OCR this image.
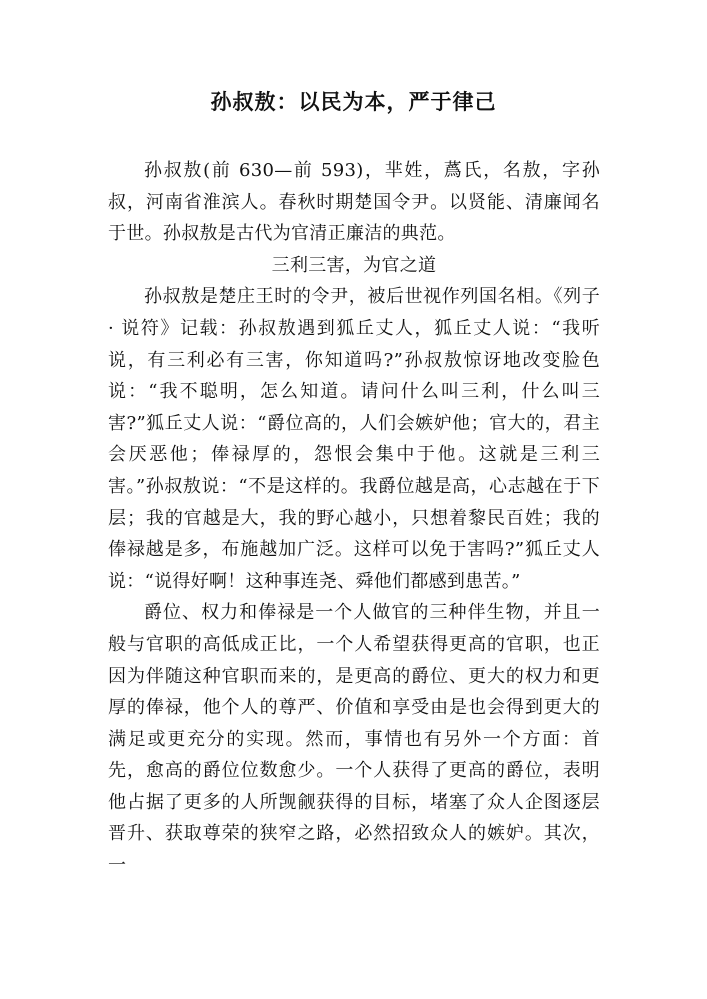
孙叔敖：以民为本，严于律己

孙叔敖(前 630—前 593)，芈姓，蔿氏，名敖，字孙叔，河南省淮滨人。春秋时期楚国令尹。以贤能、清廉闻名于世。孙叔敖是古代为官清正廉洁的典范。

三利三害，为官之道

孙叔敖是楚庄王时的令尹，被后世视作列国名相。《列子 · 说符》记载：孙叔敖遇到狐丘丈人，狐丘丈人说：“我听说，有三利必有三害，你知道吗?”孙叔敖惊讶地改变脸色说：“我不聪明，怎么知道。请问什么叫三利，什么叫三害?”狐丘丈人说：“爵位高的，人们会嫉妒他；官大的，君主会厌恶他；俸禄厚的，怨恨会集中于他。这就是三利三害。”孙叔敖说：“不是这样的。我爵位越是高，心志越在于下层；我的官越是大，我的野心越小，只想着黎民百姓；我的俸禄越是多，布施越加广泛。这样可以免于害吗?”狐丘丈人说：“说得好啊！这种事连尧、舜他们都感到患苦。”

爵位、权力和俸禄是一个人做官的三种伴生物，并且一般与官职的高低成正比，一个人希望获得更高的官职，也正因为伴随这种官职而来的，是更高的爵位、更大的权力和更厚的俸禄，他个人的尊严、价值和享受由是也会得到更大的满足或更充分的实现。然而，事情也有另外一个方面：首先，愈高的爵位位数愈少。一个人获得了更高的爵位，表明他占据了更多的人所觊觎获得的目标，堵塞了众人企图逐层晋升、获取尊荣的狭窄之路，必然招致众人的嫉妒。其次，一
